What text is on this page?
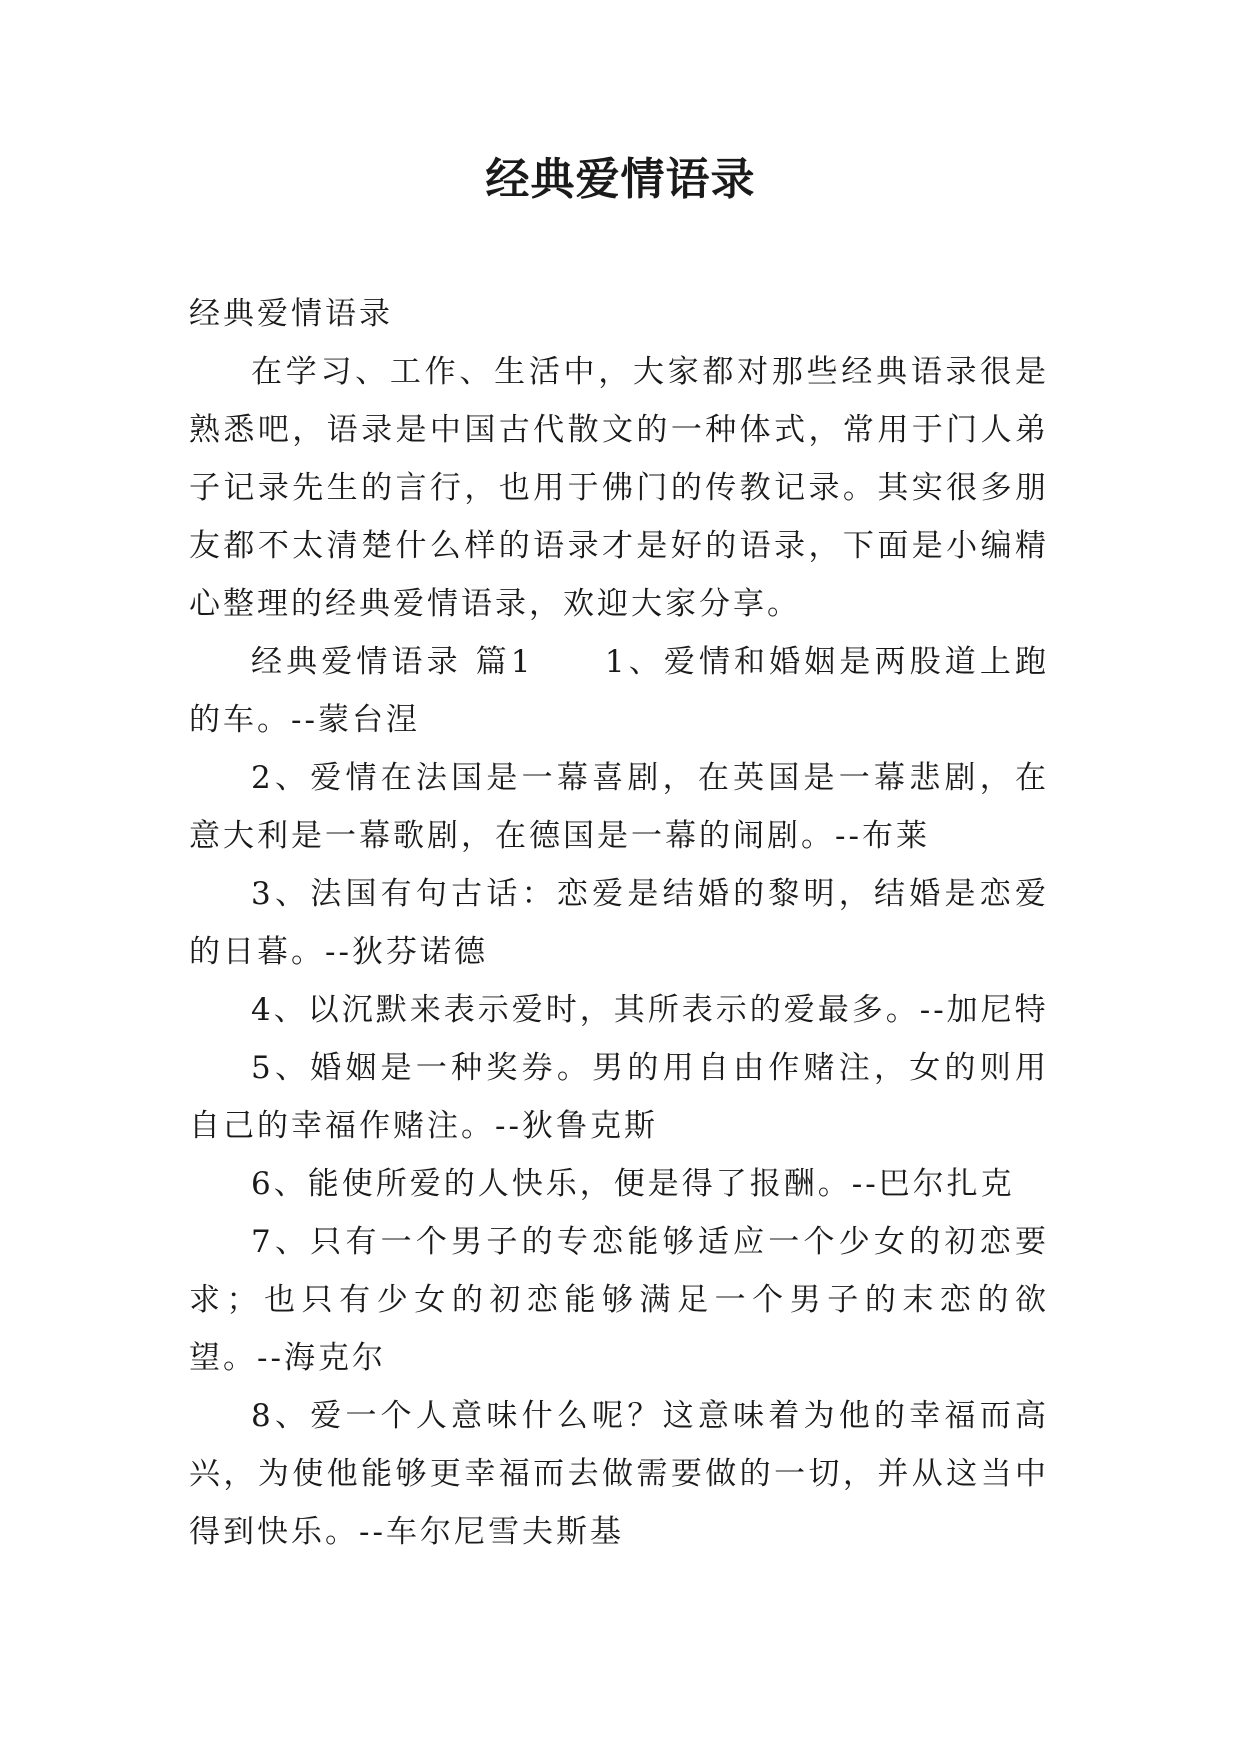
经典爱情语录

经典爱情语录

在学习、工作、生活中，大家都对那些经典语录很是熟悉吧，语录是中国古代散文的一种体式，常用于门人弟子记录先生的言行，也用于佛门的传教记录。其实很多朋友都不太清楚什么样的语录才是好的语录，下面是小编精心整理的经典爱情语录，欢迎大家分享。

经典爱情语录 篇1　　1、爱情和婚姻是两股道上跑的车。--蒙台涅

2、爱情在法国是一幕喜剧，在英国是一幕悲剧，在意大利是一幕歌剧，在德国是一幕的闹剧。--布莱

3、法国有句古话：恋爱是结婚的黎明，结婚是恋爱的日暮。--狄芬诺德

4、以沉默来表示爱时，其所表示的爱最多。--加尼特

5、婚姻是一种奖券。男的用自由作赌注，女的则用自己的幸福作赌注。--狄鲁克斯

6、能使所爱的人快乐，便是得了报酬。--巴尔扎克

7、只有一个男子的专恋能够适应一个少女的初恋要求；也只有少女的初恋能够满足一个男子的末恋的欲望。--海克尔

8、爱一个人意味什么呢？这意味着为他的幸福而高兴，为使他能够更幸福而去做需要做的一切，并从这当中得到快乐。--车尔尼雪夫斯基
